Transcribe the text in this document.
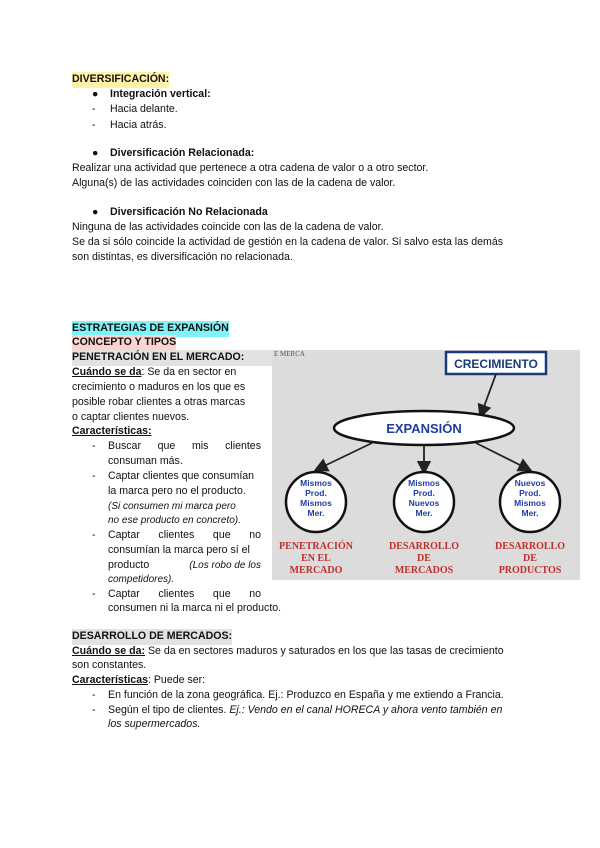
DIVERSIFICACIÓN:
● Integración vertical:
- Hacia delante.
- Hacia atrás.
● Diversificación Relacionada:
Realizar una actividad que pertenece a otra cadena de valor o a otro sector.
Alguna(s) de las actividades coinciden con las de la cadena de valor.
● Diversificación No Relacionada
Ninguna de las actividades coincide con las de la cadena de valor.
Se da si sólo coincide la actividad de gestión en la cadena de valor. Si salvo esta las demás
son distintas, es diversificación no relacionada.
ESTRATEGIAS DE EXPANSIÓN
CONCEPTO Y TIPOS
PENETRACIÓN EN EL MERCADO:
Cuándo se da: Se da en sector en
crecimiento o maduros en los que es
posible robar clientes a otras marcas
o captar clientes nuevos.
Características:
- Buscar que mis clientes
consuman más.
- Captar clientes que consumían
la marca pero no el producto.
(Si consumen mi marca pero
no ese producto en concreto).
- Captar clientes que no
consumían la marca pero sí el
producto	(Los robo de los
competidores).
- Captar clientes que no
consumen ni la marca ni el producto.
E MERCA
CRECIMIENTO
EXPANSIÓN
Mismos
Prod.
Mismos
Mer.
PENETRACIÓN
EN EL
MERCADO
Mismos
Prod.
Nuevos
Mer.
DESARROLLO
DE
MERCADOS
Nuevos
Prod.
Mismos
Mer.
DESARROLLO
DE
PRODUCTOS
DESARROLLO DE MERCADOS:
Cuándo se da: Se da en sectores maduros y saturados en los que las tasas de crecimiento
son constantes.
Características: Puede ser:
- En función de la zona geográfica. Ej.: Produzco en España y me extiendo a Francia.
- Según el tipo de clientes. Ej.: Vendo en el canal HORECA y ahora vento también en
los supermercados.
